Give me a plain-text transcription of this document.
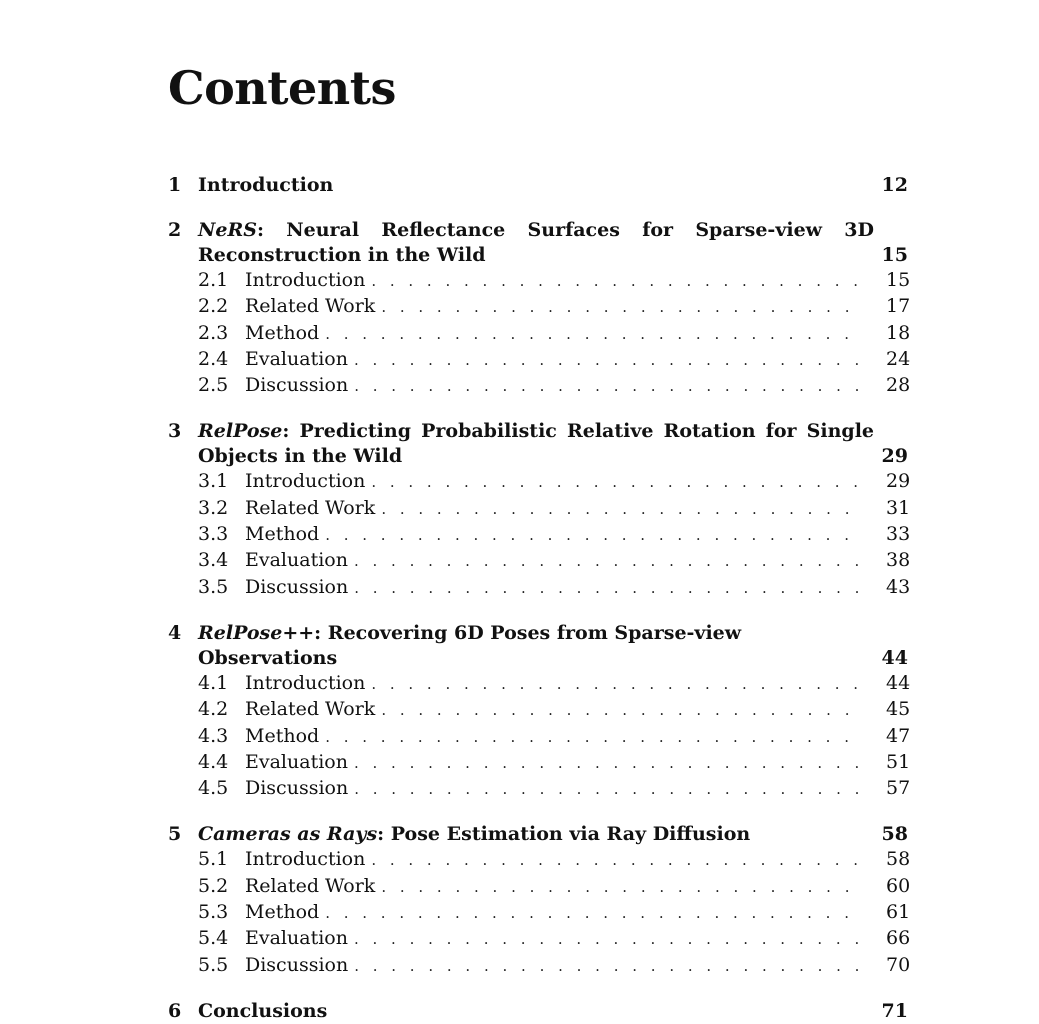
Contents
1 Introduction	12
2 NeRS: Neural Reflectance Surfaces for Sparse-view 3D Reconstruction in the Wild	15
2.1 Introduction . . .	15
2.2 Related Work . . .	17
2.3 Method . . .	18
2.4 Evaluation . . .	24
2.5 Discussion . . .	28
3 RelPose: Predicting Probabilistic Relative Rotation for Single Objects in the Wild	29
3.1 Introduction . . .	29
3.2 Related Work . . .	31
3.3 Method . . .	33
3.4 Evaluation . . .	38
3.5 Discussion . . .	43
4 RelPose++: Recovering 6D Poses from Sparse-view Observations	44
4.1 Introduction . . .	44
4.2 Related Work . . .	45
4.3 Method . . .	47
4.4 Evaluation . . .	51
4.5 Discussion . . .	57
5 Cameras as Rays: Pose Estimation via Ray Diffusion	58
5.1 Introduction . . .	58
5.2 Related Work . . .	60
5.3 Method . . .	61
5.4 Evaluation . . .	66
5.5 Discussion . . .	70
6 Conclusions	71
